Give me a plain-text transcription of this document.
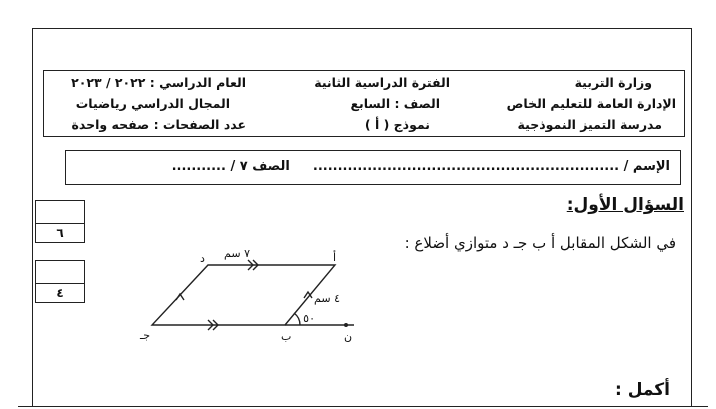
وزارة التربية
الإدارة العامة للتعليم الخاص
مدرسة التميز النموذجية
الفترة الدراسية الثانية
الصف : السابع
نموذج ( أ )
العام الدراسي : ٢٠٢٢ / ٢٠٢٣
المجال الدراسي رياضيات
عدد الصفحات : صفحه واحدة
الإسم / ..............................................................  الصف ٧ / ...........
٦
٤
السؤال الأول:
في الشكل المقابل أ ب جـ د متوازي أضلاع :
أ
د
ب
جـ	ن
٧ سم
٤ سم
٥٠
أكمل :
